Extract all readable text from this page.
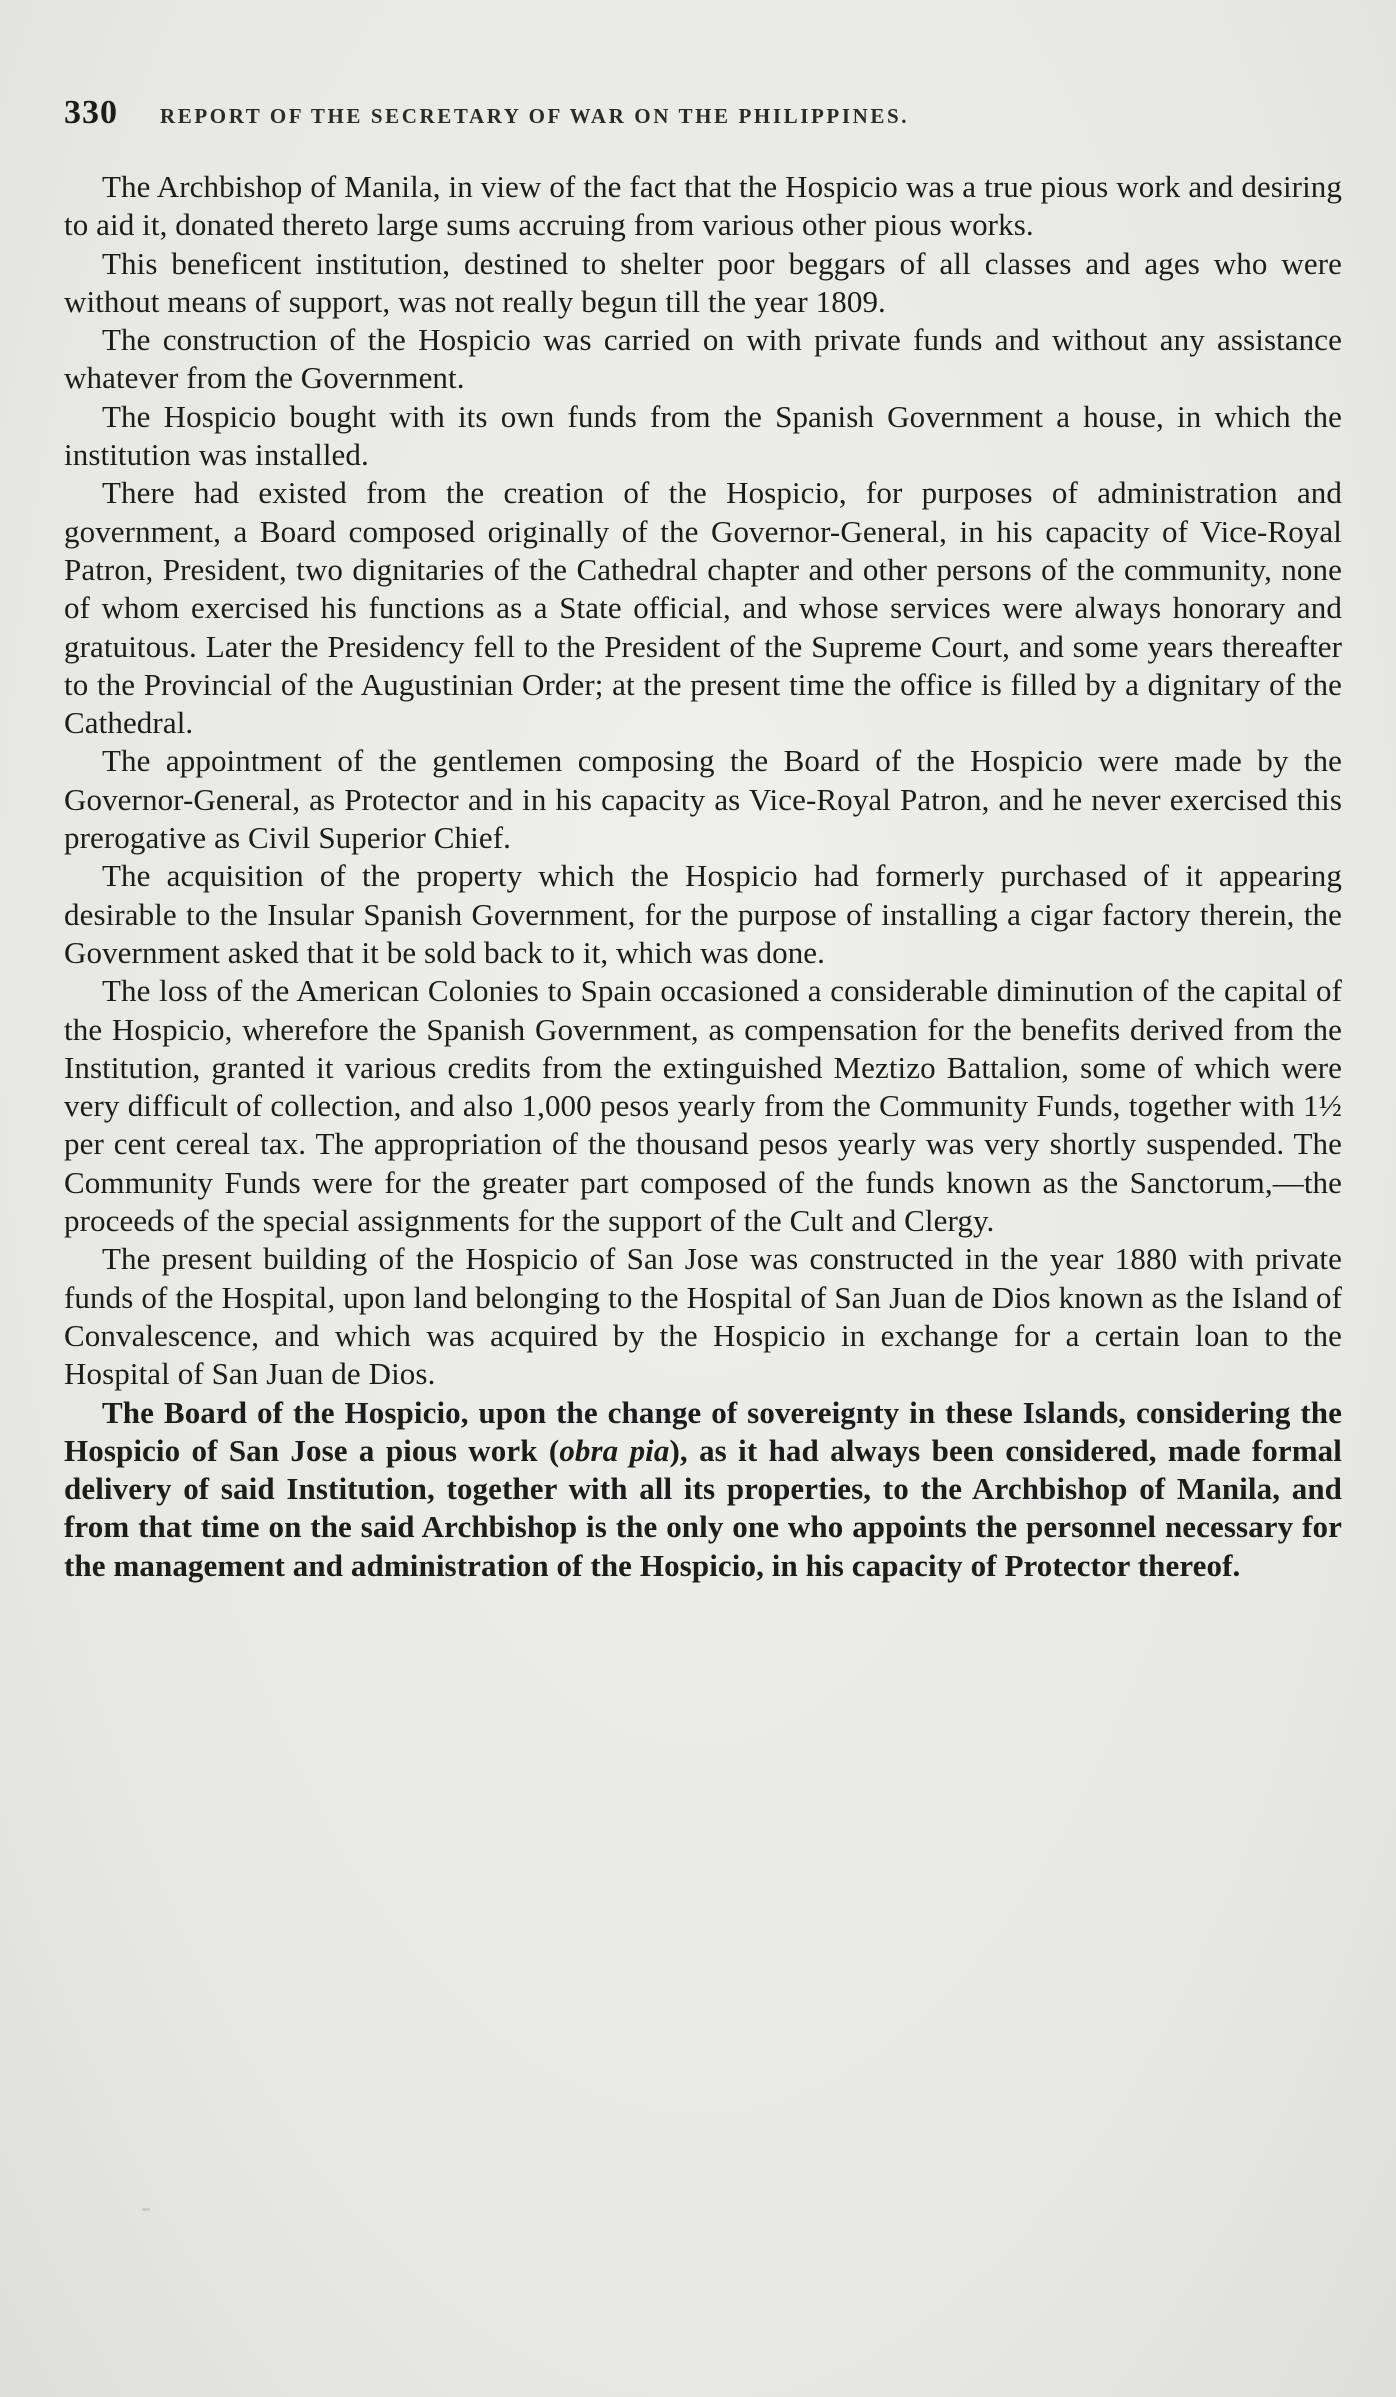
330 REPORT OF THE SECRETARY OF WAR ON THE PHILIPPINES.

The Archbishop of Manila, in view of the fact that the Hospicio was a true pious work and desiring to aid it, donated thereto large sums accruing from various other pious works.

This beneficent institution, destined to shelter poor beggars of all classes and ages who were without means of support, was not really begun till the year 1809.

The construction of the Hospicio was carried on with private funds and without any assistance whatever from the Government.

The Hospicio bought with its own funds from the Spanish Government a house, in which the institution was installed.

There had existed from the creation of the Hospicio, for purposes of administration and government, a Board composed originally of the Governor-General, in his capacity of Vice-Royal Patron, President, two dignitaries of the Cathedral chapter and other persons of the community, none of whom exercised his functions as a State official, and whose services were always honorary and gratuitous. Later the Presidency fell to the President of the Supreme Court, and some years thereafter to the Provincial of the Augustinian Order; at the present time the office is filled by a dignitary of the Cathedral.

The appointment of the gentlemen composing the Board of the Hospicio were made by the Governor-General, as Protector and in his capacity as Vice-Royal Patron, and he never exercised this prerogative as Civil Superior Chief.

The acquisition of the property which the Hospicio had formerly purchased of it appearing desirable to the Insular Spanish Government, for the purpose of installing a cigar factory therein, the Government asked that it be sold back to it, which was done.

The loss of the American Colonies to Spain occasioned a considerable diminution of the capital of the Hospicio, wherefore the Spanish Government, as compensation for the benefits derived from the Institution, granted it various credits from the extinguished Meztizo Battalion, some of which were very difficult of collection, and also 1,000 pesos yearly from the Community Funds, together with 1½ per cent cereal tax. The appropriation of the thousand pesos yearly was very shortly suspended. The Community Funds were for the greater part composed of the funds known as the Sanctorum,—the proceeds of the special assignments for the support of the Cult and Clergy.

The present building of the Hospicio of San Jose was constructed in the year 1880 with private funds of the Hospital, upon land belonging to the Hospital of San Juan de Dios known as the Island of Convalescence, and which was acquired by the Hospicio in exchange for a certain loan to the Hospital of San Juan de Dios.

The Board of the Hospicio, upon the change of sovereignty in these Islands, considering the Hospicio of San Jose a pious work (obra pia), as it had always been considered, made formal delivery of said Institution, together with all its properties, to the Archbishop of Manila, and from that time on the said Archbishop is the only one who appoints the personnel necessary for the management and administration of the Hospicio, in his capacity of Protector thereof.
